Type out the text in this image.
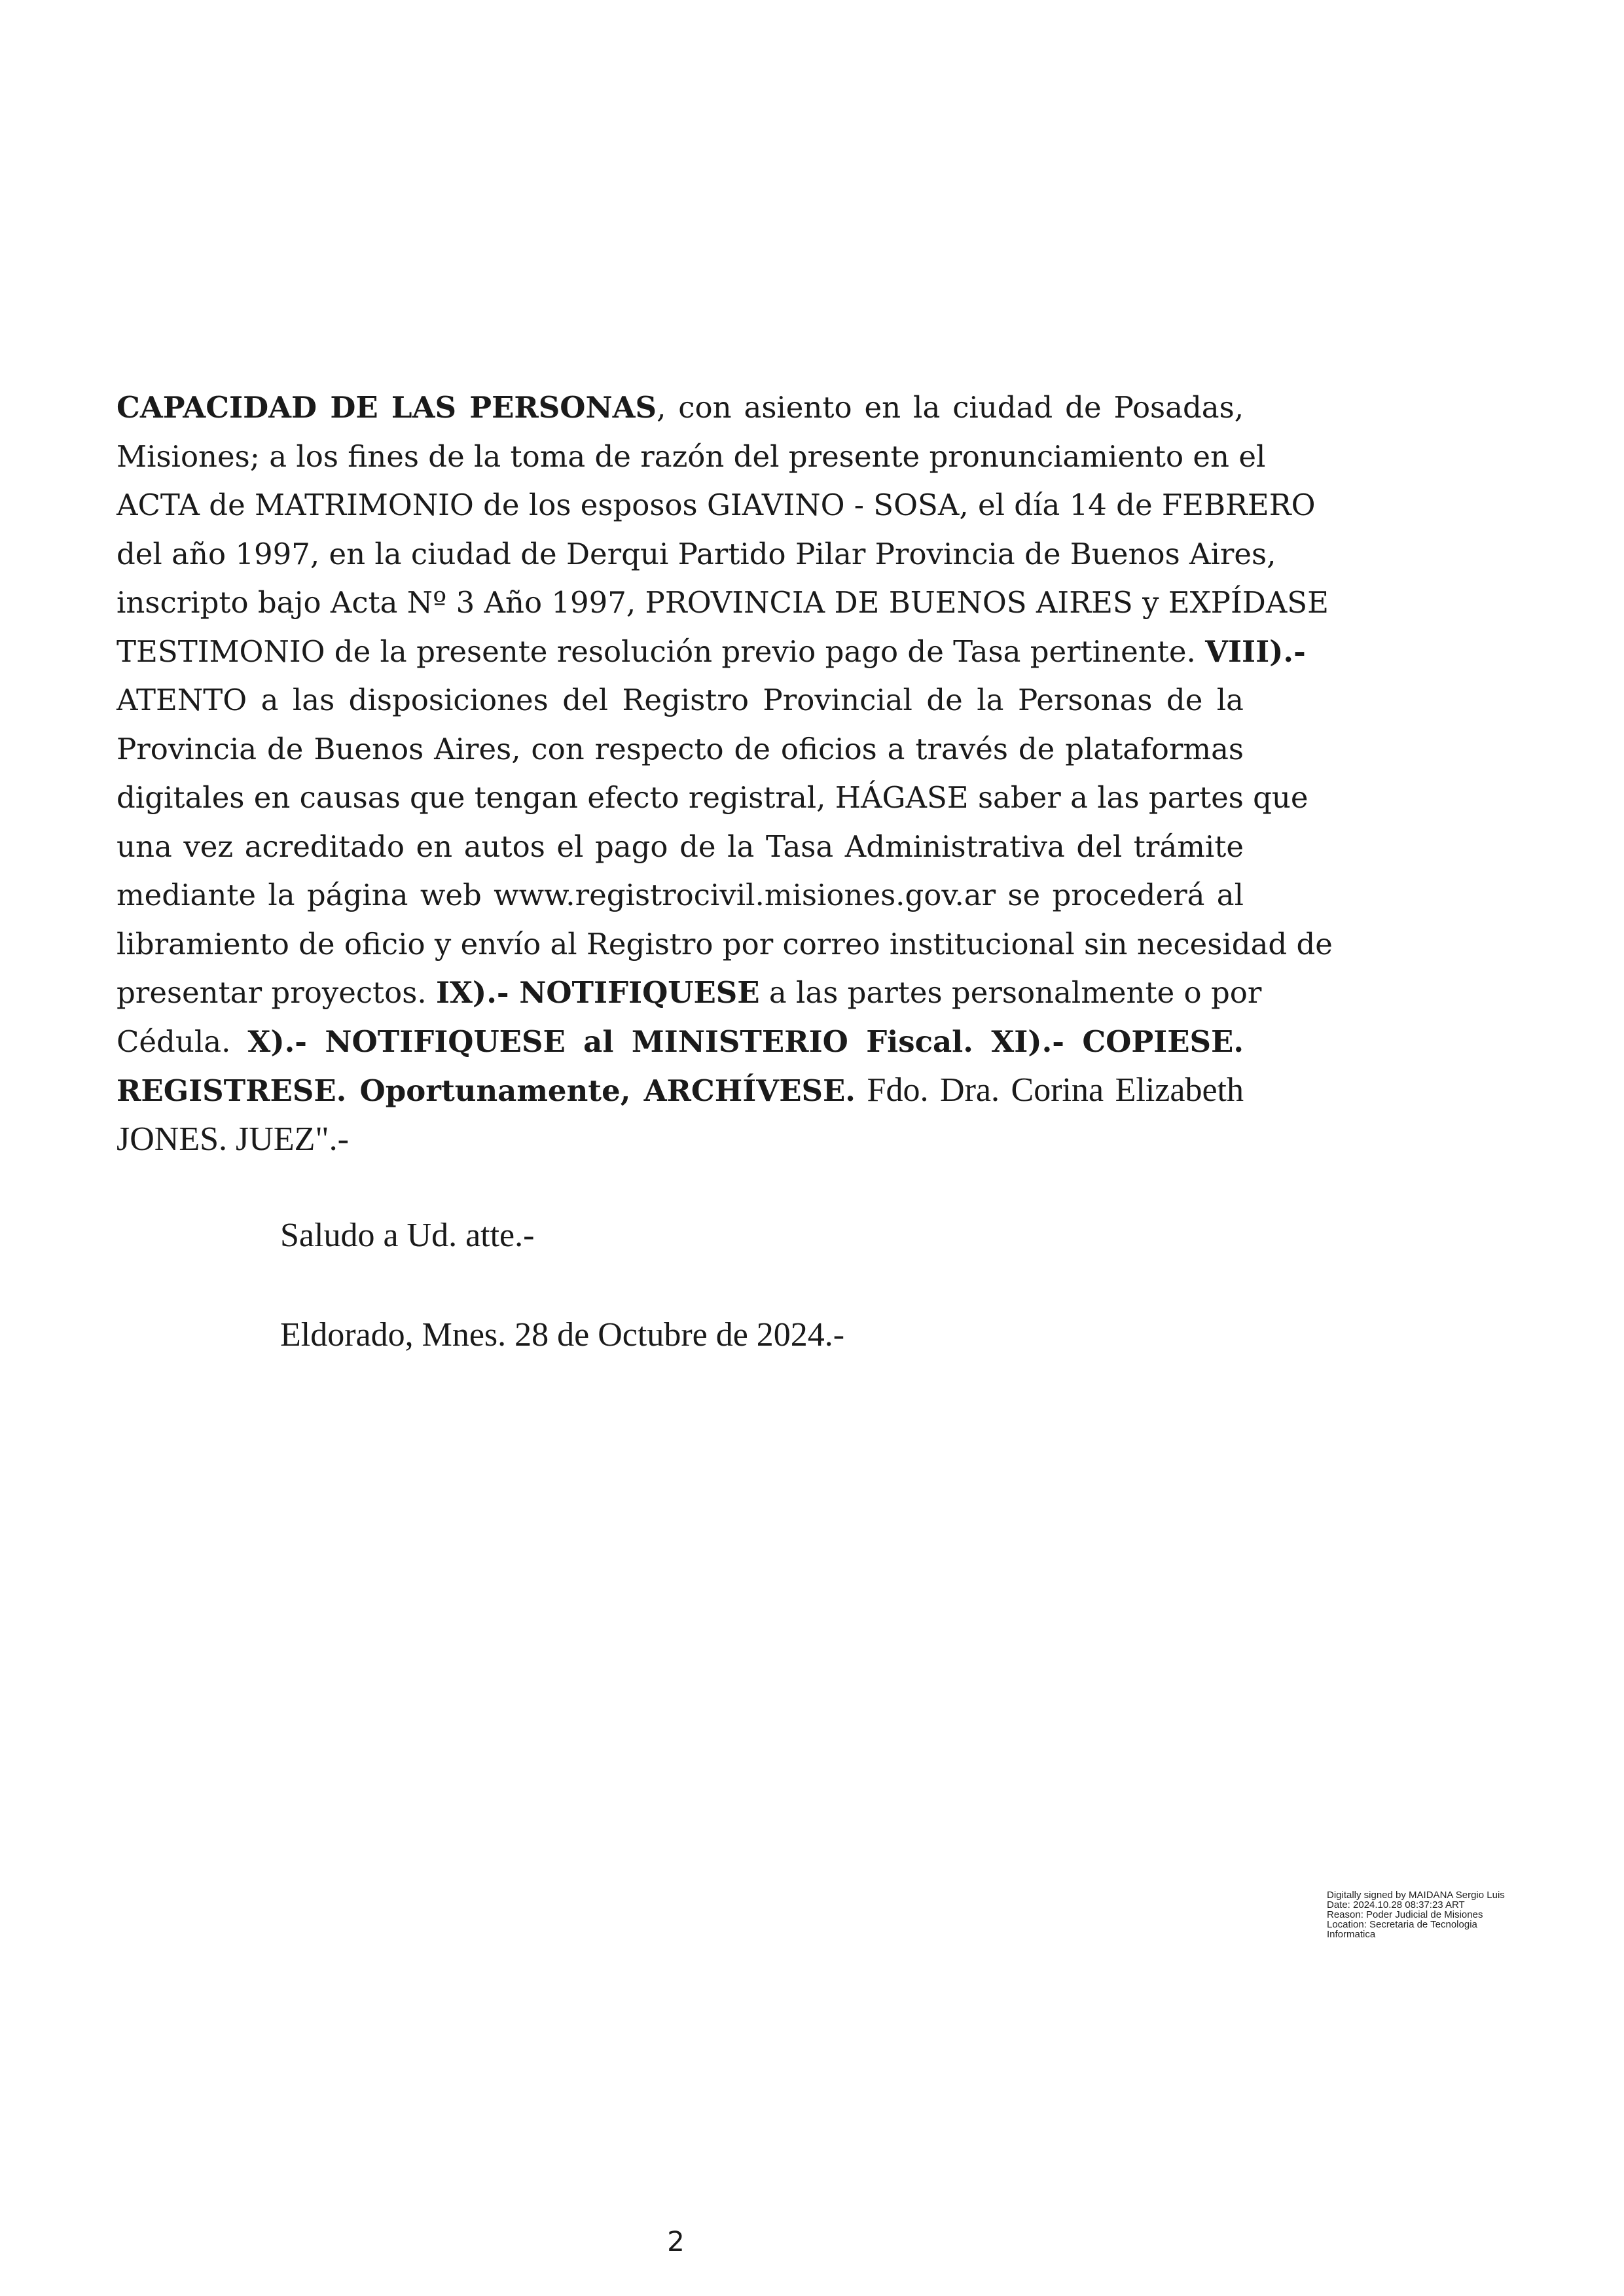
CAPACIDAD DE LAS PERSONAS, con asiento en la ciudad de Posadas,
Misiones; a los fines de la toma de razón del presente pronunciamiento en el
ACTA de MATRIMONIO de los esposos GIAVINO - SOSA, el día 14 de FEBRERO
del año 1997, en la ciudad de Derqui Partido Pilar Provincia de Buenos Aires,
inscripto bajo Acta Nº 3 Año 1997, PROVINCIA DE BUENOS AIRES y EXPÍDASE
TESTIMONIO de la presente resolución previo pago de Tasa pertinente. VIII).-
ATENTO a las disposiciones del Registro Provincial de la Personas de la
Provincia de Buenos Aires, con respecto de oficios a través de plataformas
digitales en causas que tengan efecto registral, HÁGASE saber a las partes que
una vez acreditado en autos el pago de la Tasa Administrativa del trámite
mediante la página web www.registrocivil.misiones.gov.ar se procederá al
libramiento de oficio y envío al Registro por correo institucional sin necesidad de
presentar proyectos. IX).- NOTIFIQUESE a las partes personalmente o por
Cédula. X).- NOTIFIQUESE al MINISTERIO Fiscal. XI).- COPIESE.
REGISTRESE. Oportunamente, ARCHÍVESE. Fdo. Dra. Corina Elizabeth
JONES. JUEZ".-
Saludo a Ud. atte.-
Eldorado, Mnes. 28 de Octubre de 2024.-
Digitally signed by MAIDANA Sergio Luis
Date: 2024.10.28 08:37:23 ART
Reason: Poder Judicial de Misiones
Location: Secretaria de Tecnologia
Informatica
2
